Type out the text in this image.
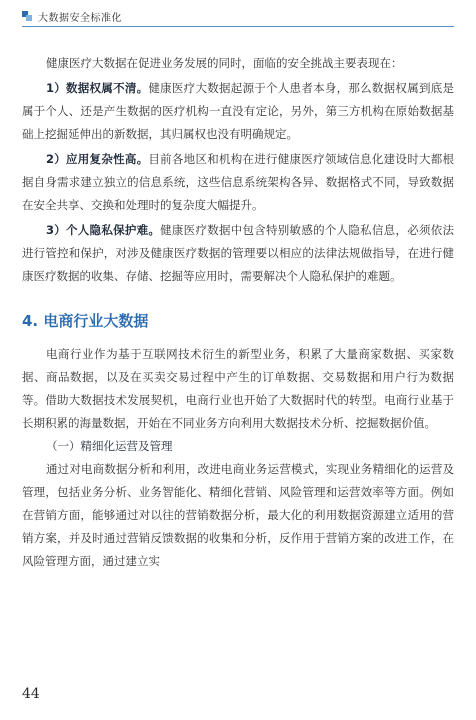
大数据安全标准化

健康医疗大数据在促进业务发展的同时，面临的安全挑战主要表现在：

1）数据权属不清。健康医疗大数据起源于个人患者本身，那么数据权属到底是属于个人、还是产生数据的医疗机构一直没有定论，另外，第三方机构在原始数据基础上挖掘延伸出的新数据，其归属权也没有明确规定。

2）应用复杂性高。目前各地区和机构在进行健康医疗领域信息化建设时大都根据自身需求建立独立的信息系统，这些信息系统架构各异、数据格式不同，导致数据在安全共享、交换和处理时的复杂度大幅提升。

3）个人隐私保护难。健康医疗数据中包含特别敏感的个人隐私信息，必须依法进行管控和保护，对涉及健康医疗数据的管理要以相应的法律法规做指导，在进行健康医疗数据的收集、存储、挖掘等应用时，需要解决个人隐私保护的难题。

4. 电商行业大数据

电商行业作为基于互联网技术衍生的新型业务，积累了大量商家数据、买家数据、商品数据，以及在买卖交易过程中产生的订单数据、交易数据和用户行为数据等。借助大数据技术发展契机，电商行业也开始了大数据时代的转型。电商行业基于长期积累的海量数据，开始在不同业务方向利用大数据技术分析、挖掘数据价值。

（一）精细化运营及管理

通过对电商数据分析和利用，改进电商业务运营模式，实现业务精细化的运营及管理，包括业务分析、业务智能化、精细化营销、风险管理和运营效率等方面。例如在营销方面，能够通过对以往的营销数据分析，最大化的利用数据资源建立适用的营销方案，并及时通过营销反馈数据的收集和分析，反作用于营销方案的改进工作，在风险管理方面，通过建立实

44
